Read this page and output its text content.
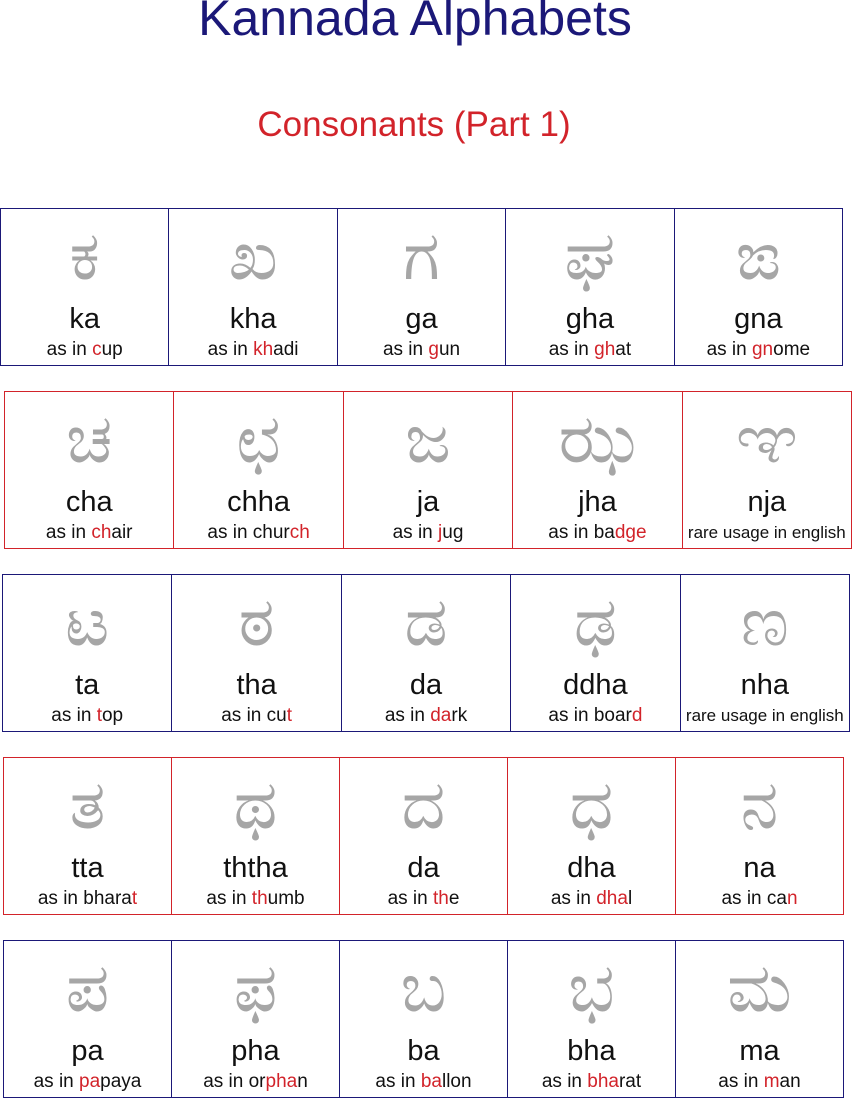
Kannada Alphabets
Consonants (Part 1)
ಕ
ka
as in cup
ಖ
kha
as in khadi
ಗ
ga
as in gun
ಘ
gha
as in ghat
ಙ
gna
as in gnome
ಚ
cha
as in chair
ಛ
chha
as in church
ಜ
ja
as in jug
ಝ
jha
as in badge
ಞ
nja
rare usage in english
ಟ
ta
as in top
ಠ
tha
as in cut
ಡ
da
as in dark
ಢ
ddha
as in board
ಣ
nha
rare usage in english
ತ
tta
as in bharat
ಥ
ththa
as in thumb
ದ
da
as in the
ಧ
dha
as in dhal
ನ
na
as in can
ಪ
pa
as in papaya
ಫ
pha
as in orphan
ಬ
ba
as in ballon
ಭ
bha
as in bharat
ಮ
ma
as in man
